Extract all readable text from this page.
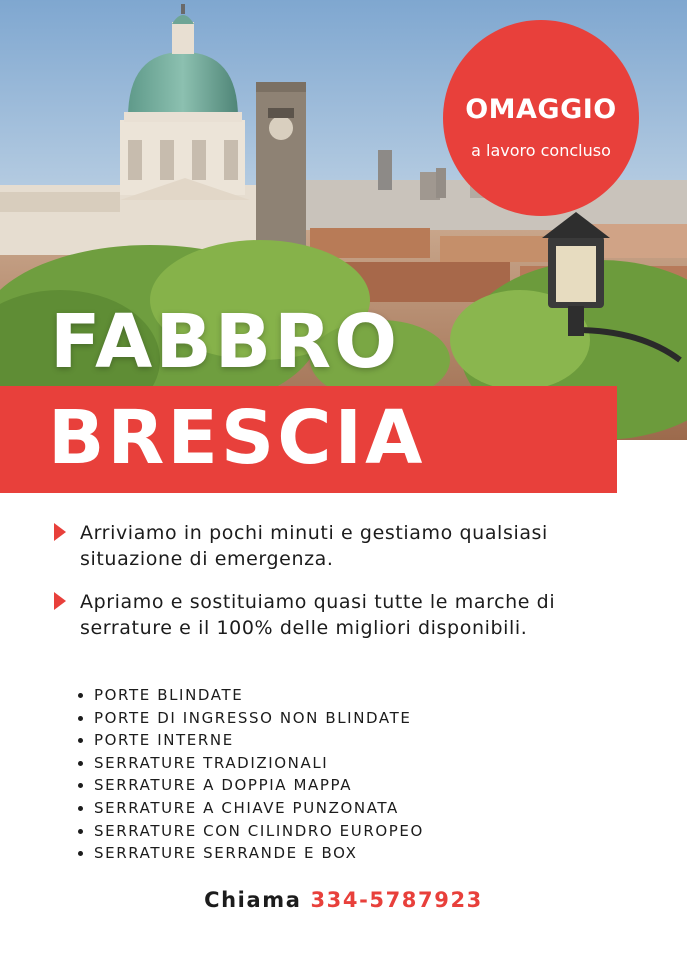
OMAGGIO
a lavoro concluso
FABBRO
BRESCIA
Arriviamo in pochi minuti e gestiamo qualsiasi situazione di emergenza.
Apriamo e sostituiamo quasi tutte le marche di serrature e il 100% delle migliori disponibili.
PORTE BLINDATE
PORTE DI INGRESSO NON BLINDATE
PORTE INTERNE
SERRATURE TRADIZIONALI
SERRATURE A DOPPIA MAPPA
SERRATURE A CHIAVE PUNZONATA
SERRATURE CON CILINDRO EUROPEO
SERRATURE SERRANDE E BOX
Chiama 334-5787923
